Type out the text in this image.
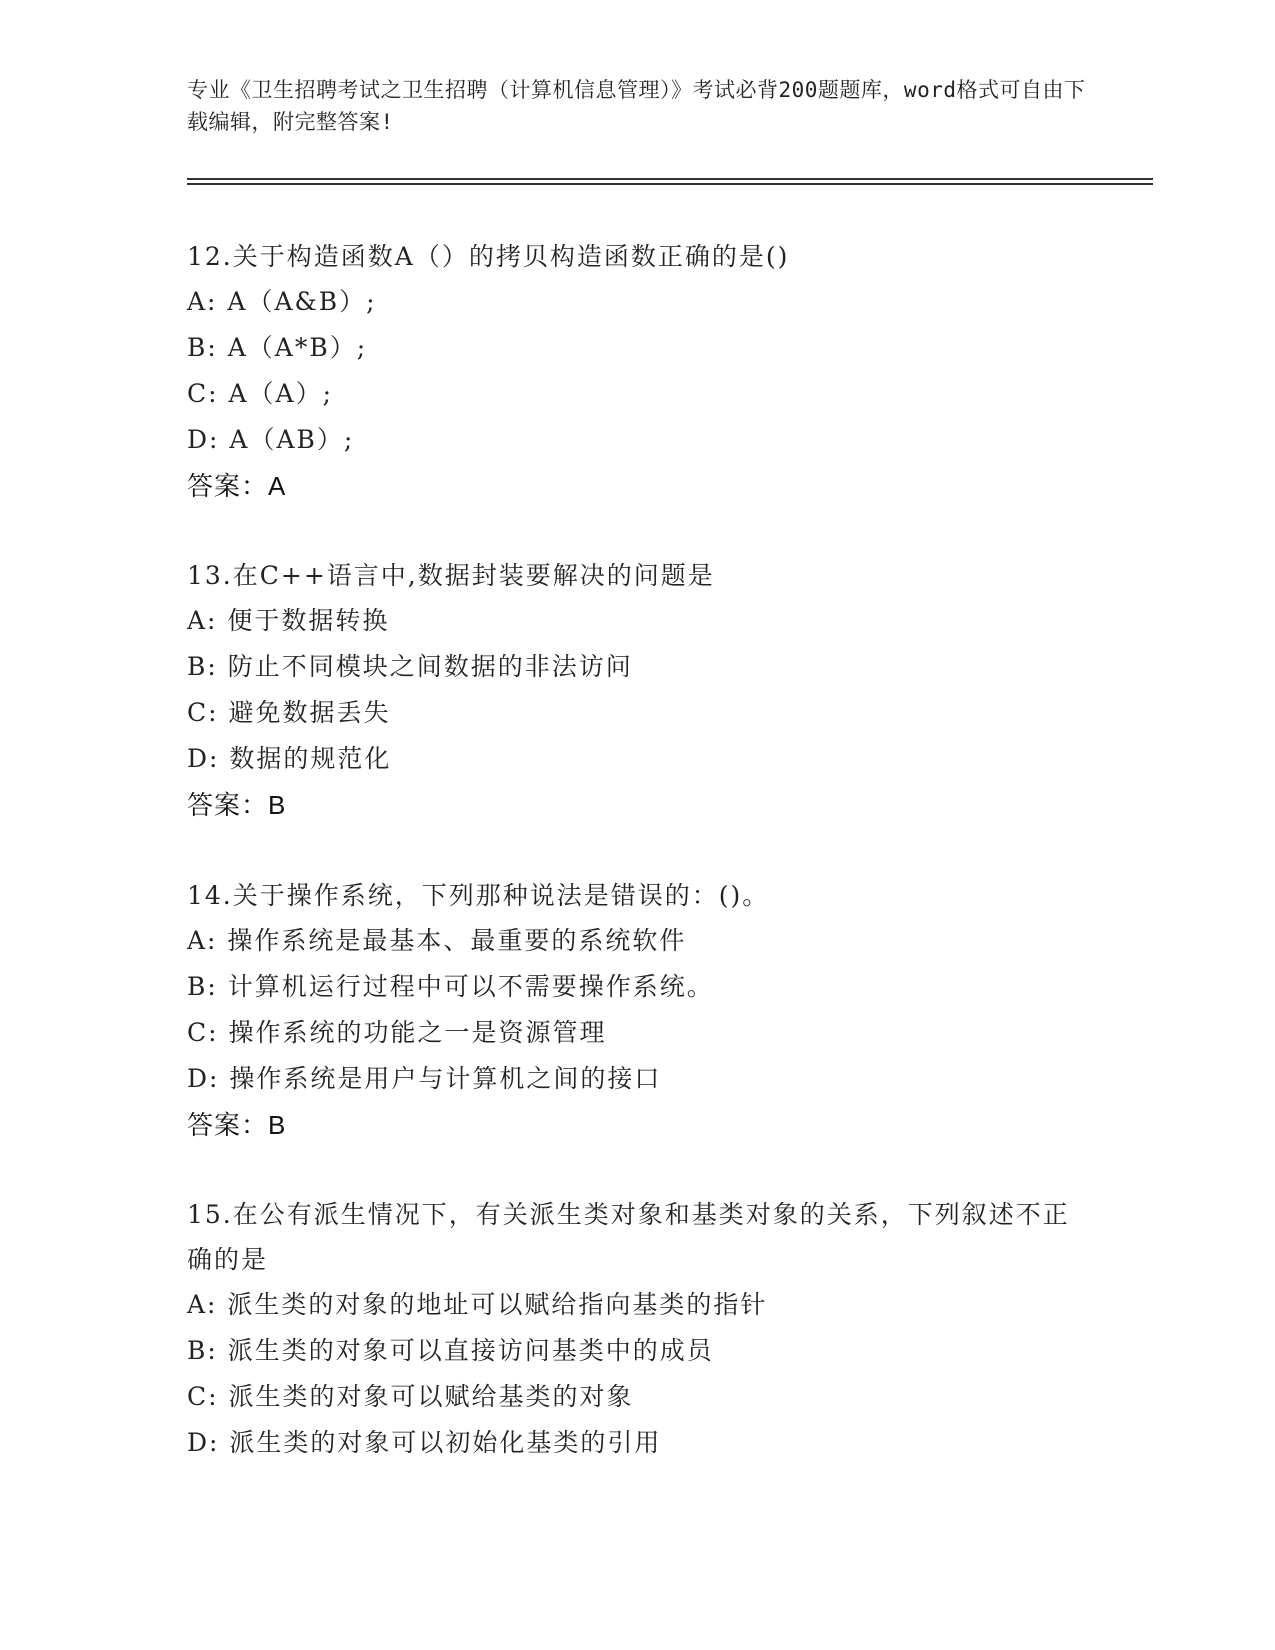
专业《卫生招聘考试之卫生招聘（计算机信息管理）》考试必背200题题库，word格式可自由下载编辑，附完整答案!
12.关于构造函数A（）的拷贝构造函数正确的是()
A: A（A&B）;
B: A（A*B）;
C: A（A）;
D: A（AB）;
答案：A
13.在C++语言中,数据封装要解决的问题是
A: 便于数据转换
B: 防止不同模块之间数据的非法访问
C: 避免数据丢失
D: 数据的规范化
答案：B
14.关于操作系统，下列那种说法是错误的：()。
A: 操作系统是最基本、最重要的系统软件
B: 计算机运行过程中可以不需要操作系统。
C: 操作系统的功能之一是资源管理
D: 操作系统是用户与计算机之间的接口
答案：B
15.在公有派生情况下，有关派生类对象和基类对象的关系，下列叙述不正确的是
A: 派生类的对象的地址可以赋给指向基类的指针
B: 派生类的对象可以直接访问基类中的成员
C: 派生类的对象可以赋给基类的对象
D: 派生类的对象可以初始化基类的引用
